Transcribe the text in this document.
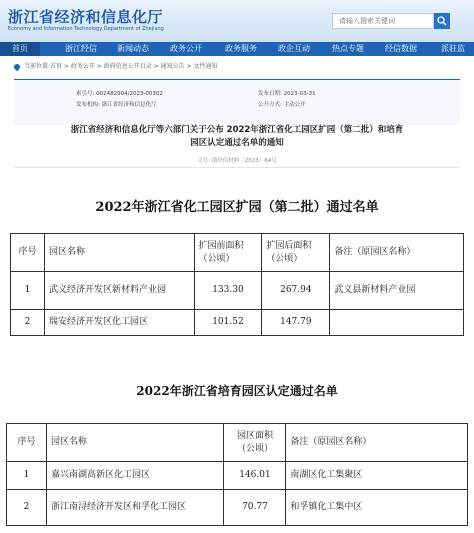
浙江省经济和信息化厅
Economy and Information Technology Department of Zhejiang
请输入搜索关键词
首页	浙江经信	新闻动态	政务公开	政务服务	政企互动	热点专题	经信数据	派驻监
当前位置:首页 > 政务公开 > 政府信息公开目录 > 通知公告 > 文件通知
索引号: 002482904/2023-00302
发布机构: 浙江省经济和信息化厅
发布日期: 2023-03-31
公开方式: 主动公开
浙江省经济和信息化厅等六部门关于公布 2022年浙江省化工园区扩园（第二批）和培育
园区认定通过名单的通知
文号: 浙经信材料〔2023〕84号
2022年浙江省化工园区扩园（第二批）通过名单
序号	园区名称	扩园前面积（公顷）	扩园后面积（公顷）	备注（原园区名称）
1	武义经济开发区新材料产业园	133.30	267.94	武义县新材料产业园
2	瑞安经济开发区化工园区	101.52	147.79	
2022年浙江省培育园区认定通过名单
序号	园区名称	园区面积（公顷）	备注（原园区名称）
1	嘉兴南湖高新区化工园区	146.01	南湖区化工集聚区
2	浙江南浔经济开发区和孚化工园区	70.77	和孚镇化工集中区
